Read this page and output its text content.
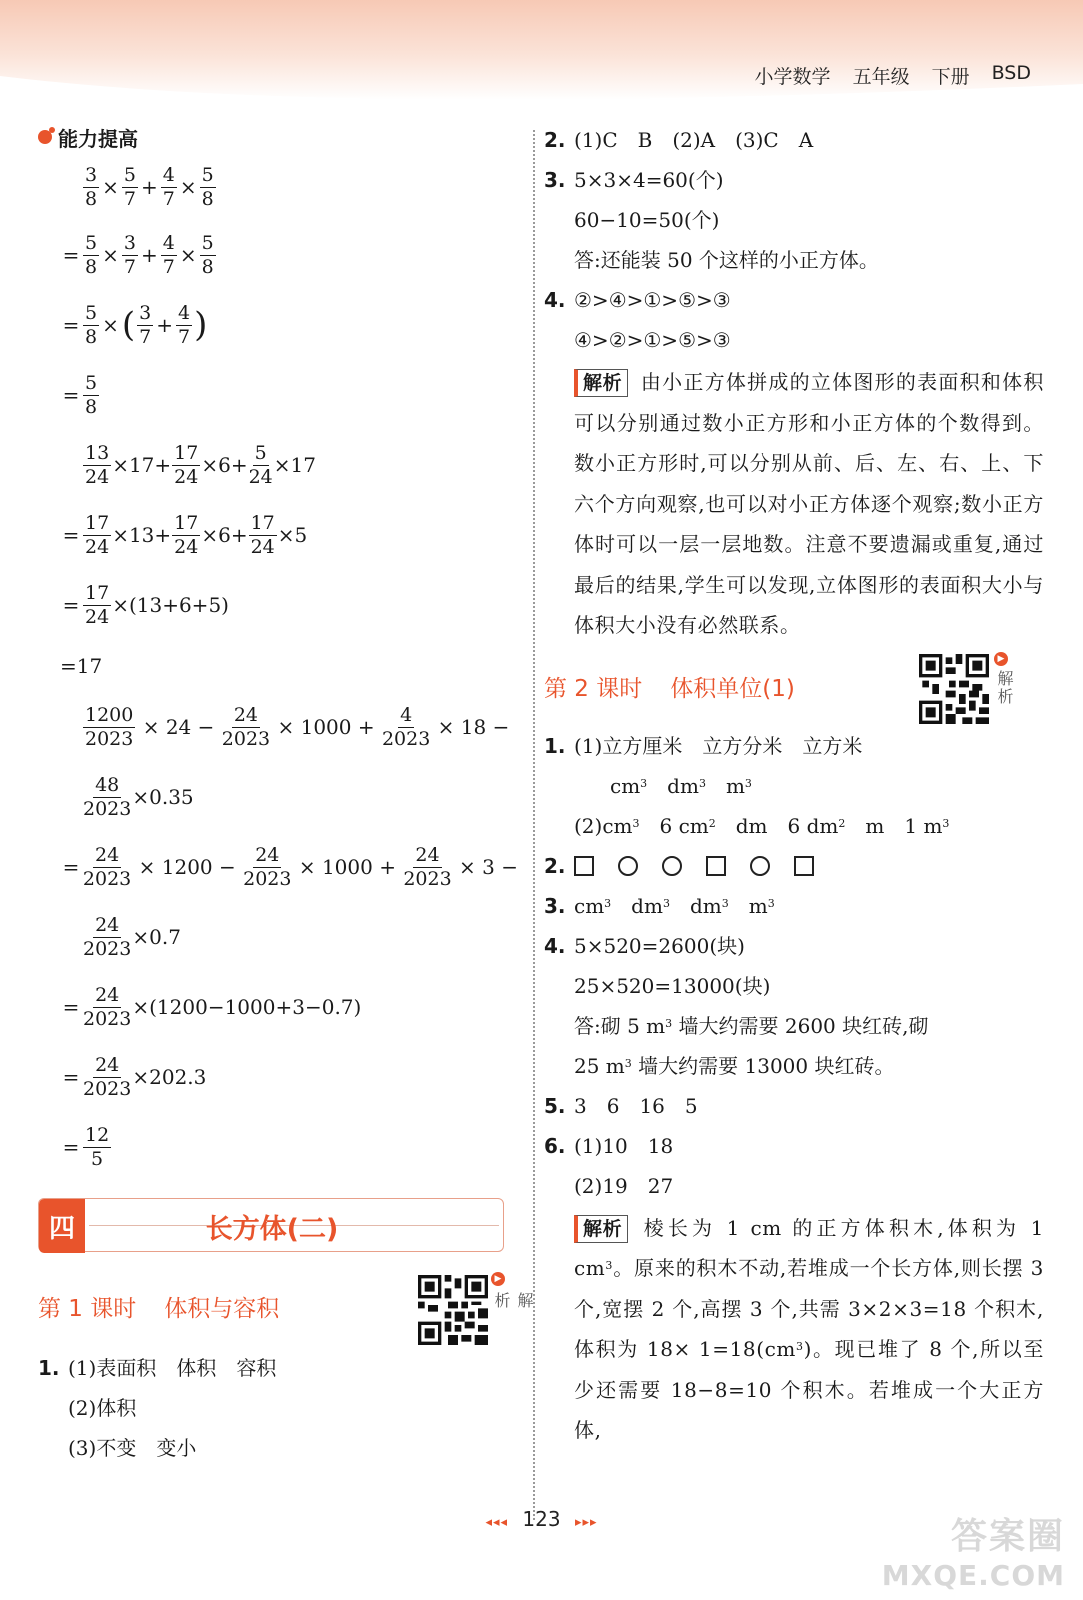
小学数学 五年级 下册 BSD
能力提高
$\frac{3}{8} \times \frac{5}{7} + \frac{4}{7} \times \frac{5}{8}$
= $\frac{5}{8} \times \frac{3}{7} + \frac{4}{7} \times \frac{5}{8}$
= $\frac{5}{8}$ × ( $\frac{3}{7} + \frac{4}{7}$ )
= $\frac{5}{8}$
$\frac{13}{24} \times 17+ \frac{17}{24} \times 6+ \frac{5}{24} \times 17$
= $\frac{17}{24} \times 13+ \frac{17}{24} \times 6+ \frac{17}{24} \times 5$
= $\frac{17}{24} \times(13+6+5)$
=17
$\frac{1200}{2023} \times 24 - \frac{24}{2023} \times 1000 + \frac{4}{2023} \times 18$ −
$\frac{48}{2023} \times 0.35$
= $\frac{24}{2023} \times 1200 - \frac{24}{2023} \times 1000 + \frac{24}{2023} \times 3$ −
$\frac{24}{2023} \times 0.7$
= $\frac{24}{2023} \times(1200-1000+3-0.7)$
= $\frac{24}{2023} \times 202.3$
= $\frac{12}{5}$
长方体(二)
四
第 1 课时 体积与容积
▶
解析
1. (1)表面积　体积　容积
(2)体积
(3)不变　变小
2. (1)C　B　(2)A　(3)C　A
3. 5×3×4=60(个)
60−10=50(个)
答:还能装 50 个这样的小正方体。
4. ②>④>①>⑤>③
④>②>①>⑤>③
解析 由小正方体拼成的立体图形的表面积和体积可以分别通过数小正方形和小正方体的个数得到。数小正方形时,可以分别从前、后、左、右、上、下六个方向观察,也可以对小正方体逐个观察;数小正方体时可以一层一层地数。注意不要遗漏或重复,通过最后的结果,学生可以发现,立体图形的表面积大小与体积大小没有必然联系。
第 2 课时 体积单位(1)
▶
解析
1. (1)立方厘米　立方分米　立方米
$cm^3$　 $dm^3$　 $m^3$
$(2)cm^3$　 6 $cm^2$　 dm　 6 $dm^2$　 m　 1 $m^3$
2.
3. $cm^3$　 $dm^3$　 $dm^3$　 $m^3$
4. 5×520=2600(块)
25×520=13000(块)
答:砌 5 $m^3$ 墙大约需要 2600 块红砖,砌
25 $m^3$ 墙大约需要 13000 块红砖。
5. 3　6　16　5
6. (1)10　18
(2)19　27
解析 棱长为 1 cm 的正方体积木,体积为 1 $cm^3$。原来的积木不动,若堆成一个长方体,则长摆 3 个,宽摆 2 个,高摆 3 个,共需 3×2×3=18 个积木,体积为 $18\times 1=18(cm^3)$。现已堆了 8 个,所以至少还需要 18−8=10 个积木。若堆成一个大正方体,
◂◂◂ 123 ▸▸▸	答案圈
MXQE.COM
